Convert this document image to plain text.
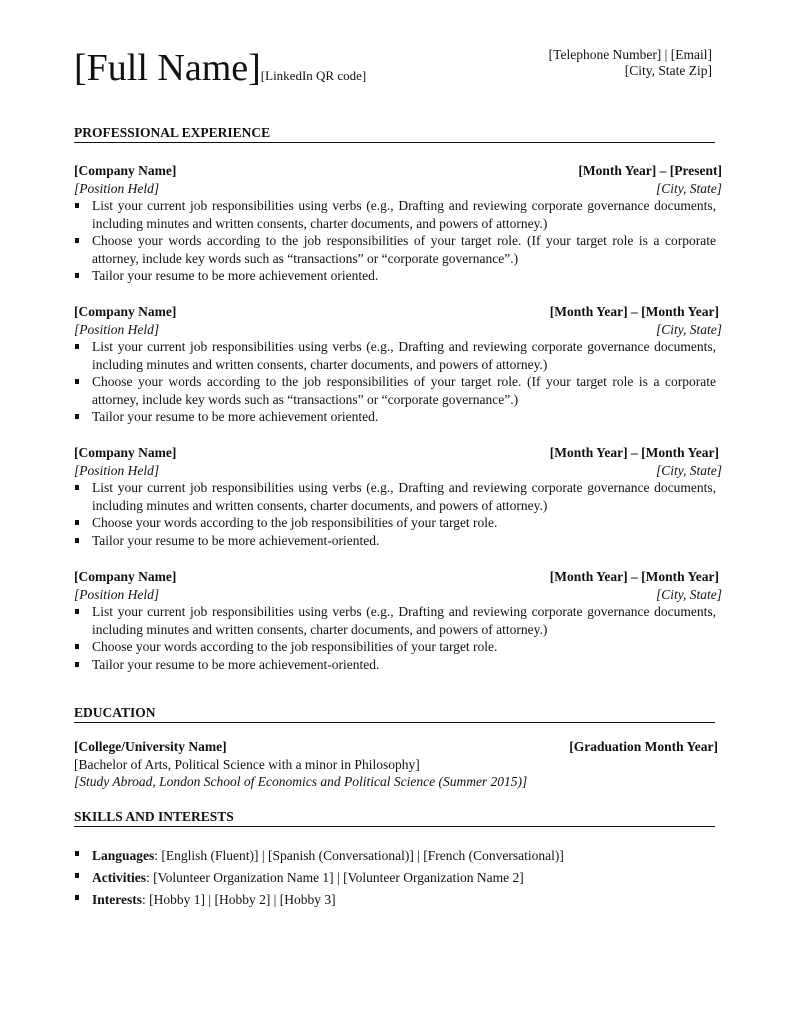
[Full Name][LinkedIn QR code]
[Telephone Number] | [Email]
[City, State Zip]
PROFESSIONAL EXPERIENCE
[Company Name]	[Month Year] – [Present]
[Position Held]	[City, State]
List your current job responsibilities using verbs (e.g., Drafting and reviewing corporate governance documents, including minutes and written consents, charter documents, and powers of attorney.)
Choose your words according to the job responsibilities of your target role. (If your target role is a corporate attorney, include key words such as “transactions” or “corporate governance”.)
Tailor your resume to be more achievement oriented.
[Company Name]	[Month Year] – [Month Year]
[Position Held]	[City, State]
List your current job responsibilities using verbs (e.g., Drafting and reviewing corporate governance documents, including minutes and written consents, charter documents, and powers of attorney.)
Choose your words according to the job responsibilities of your target role. (If your target role is a corporate attorney, include key words such as “transactions” or “corporate governance”.)
Tailor your resume to be more achievement oriented.
[Company Name]	[Month Year] – [Month Year]
[Position Held]	[City, State]
List your current job responsibilities using verbs (e.g., Drafting and reviewing corporate governance documents, including minutes and written consents, charter documents, and powers of attorney.)
Choose your words according to the job responsibilities of your target role.
Tailor your resume to be more achievement-oriented.
[Company Name]	[Month Year] – [Month Year]
[Position Held]	[City, State]
List your current job responsibilities using verbs (e.g., Drafting and reviewing corporate governance documents, including minutes and written consents, charter documents, and powers of attorney.)
Choose your words according to the job responsibilities of your target role.
Tailor your resume to be more achievement-oriented.
EDUCATION
[College/University Name]	[Graduation Month Year]
[Bachelor of Arts, Political Science with a minor in Philosophy]
[Study Abroad, London School of Economics and Political Science (Summer 2015)]
SKILLS AND INTERESTS
Languages: [English (Fluent)] | [Spanish (Conversational)] | [French (Conversational)]
Activities: [Volunteer Organization Name 1] | [Volunteer Organization Name 2]
Interests: [Hobby 1] | [Hobby 2] | [Hobby 3]
